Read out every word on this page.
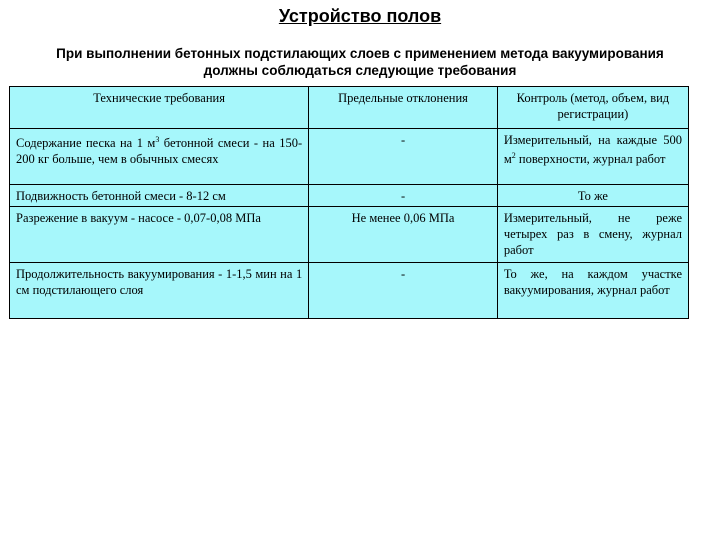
Устройство полов
При выполнении бетонных подстилающих слоев с применением метода вакуумирования должны соблюдаться следующие требования
Технические требования	Предельные отклонения	Контроль (метод, объем, вид регистрации)
Содержание песка на 1 $м^3$ бетонной смеси - на 150-200 кг больше, чем в обычных смесях	-	Измерительный, на каждые 500 $м^2$ поверхности, журнал работ
Подвижность бетонной смеси - 8-12 см	-	То же
Разрежение в вакуум - насосе - 0,07-0,08 МПа	Не менее 0,06 МПа	Измерительный, не реже четырех раз в смену, журнал работ
Продолжительность вакуумирования - 1-1,5 мин на 1 см подстилающего слоя	-	То же, на каждом участке вакуумирования, журнал работ
